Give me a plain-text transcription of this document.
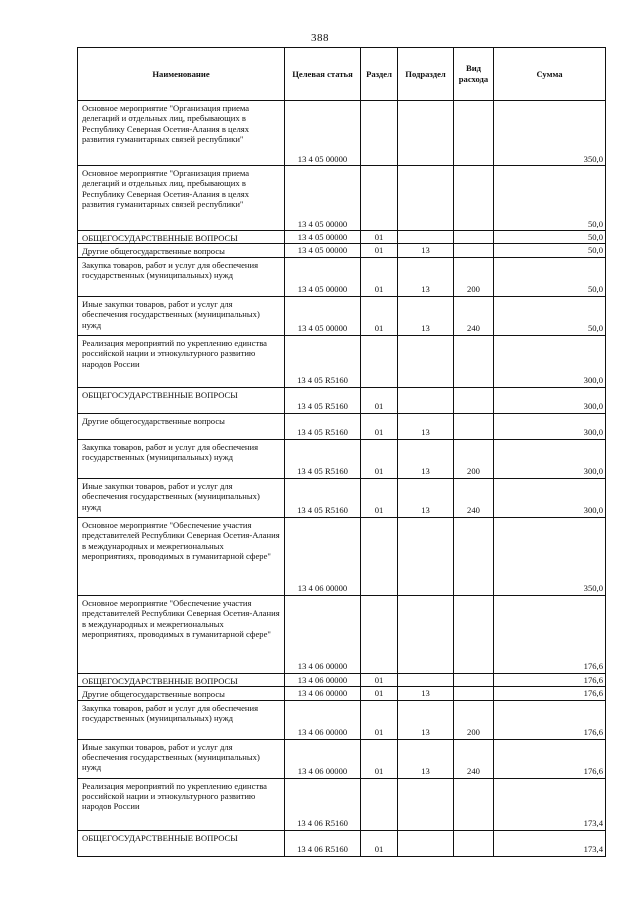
388
Наименование	Целевая статья	Раздел	Подраздел	Вид расхода	Сумма
Основное мероприятие "Организация приема делегаций и отдельных лиц, пребывающих в Республику Северная Осетия-Алания в целях развития гуманитарных связей республики"	13 4 05 00000				350,0
Основное мероприятие "Организация приема делегаций и отдельных лиц, пребывающих в Республику Северная Осетия-Алания в целях развития гуманитарных связей республики"	13 4 05 00000				50,0
ОБЩЕГОСУДАРСТВЕННЫЕ ВОПРОСЫ	13 4 05 00000	01			50,0
Другие общегосударственные вопросы	13 4 05 00000	01	13		50,0
Закупка товаров, работ и услуг для обеспечения государственных (муниципальных) нужд	13 4 05 00000	01	13	200	50,0
Иные закупки товаров, работ и услуг для обеспечения государственных (муниципальных) нужд	13 4 05 00000	01	13	240	50,0
Реализация мероприятий по укреплению единства российской нации и этнокультурного развитию народов России	13 4 05 R5160				300,0
ОБЩЕГОСУДАРСТВЕННЫЕ ВОПРОСЫ	13 4 05 R5160	01			300,0
Другие общегосударственные вопросы	13 4 05 R5160	01	13		300,0
Закупка товаров, работ и услуг для обеспечения государственных (муниципальных) нужд	13 4 05 R5160	01	13	200	300,0
Иные закупки товаров, работ и услуг для обеспечения государственных (муниципальных) нужд	13 4 05 R5160	01	13	240	300,0
Основное мероприятие "Обеспечение участия представителей Республики Северная Осетия-Алания в международных и межрегиональных мероприятиях, проводимых в гуманитарной сфере"	13 4 06 00000				350,0
Основное мероприятие "Обеспечение участия представителей Республики Северная Осетия-Алания в международных и межрегиональных мероприятиях, проводимых в гуманитарной сфере"	13 4 06 00000				176,6
ОБЩЕГОСУДАРСТВЕННЫЕ ВОПРОСЫ	13 4 06 00000	01			176,6
Другие общегосударственные вопросы	13 4 06 00000	01	13		176,6
Закупка товаров, работ и услуг для обеспечения государственных (муниципальных) нужд	13 4 06 00000	01	13	200	176,6
Иные закупки товаров, работ и услуг для обеспечения государственных (муниципальных) нужд	13 4 06 00000	01	13	240	176,6
Реализация мероприятий по укреплению единства российской нации и этнокультурного развитию народов России	13 4 06 R5160				173,4
ОБЩЕГОСУДАРСТВЕННЫЕ ВОПРОСЫ	13 4 06 R5160	01			173,4
